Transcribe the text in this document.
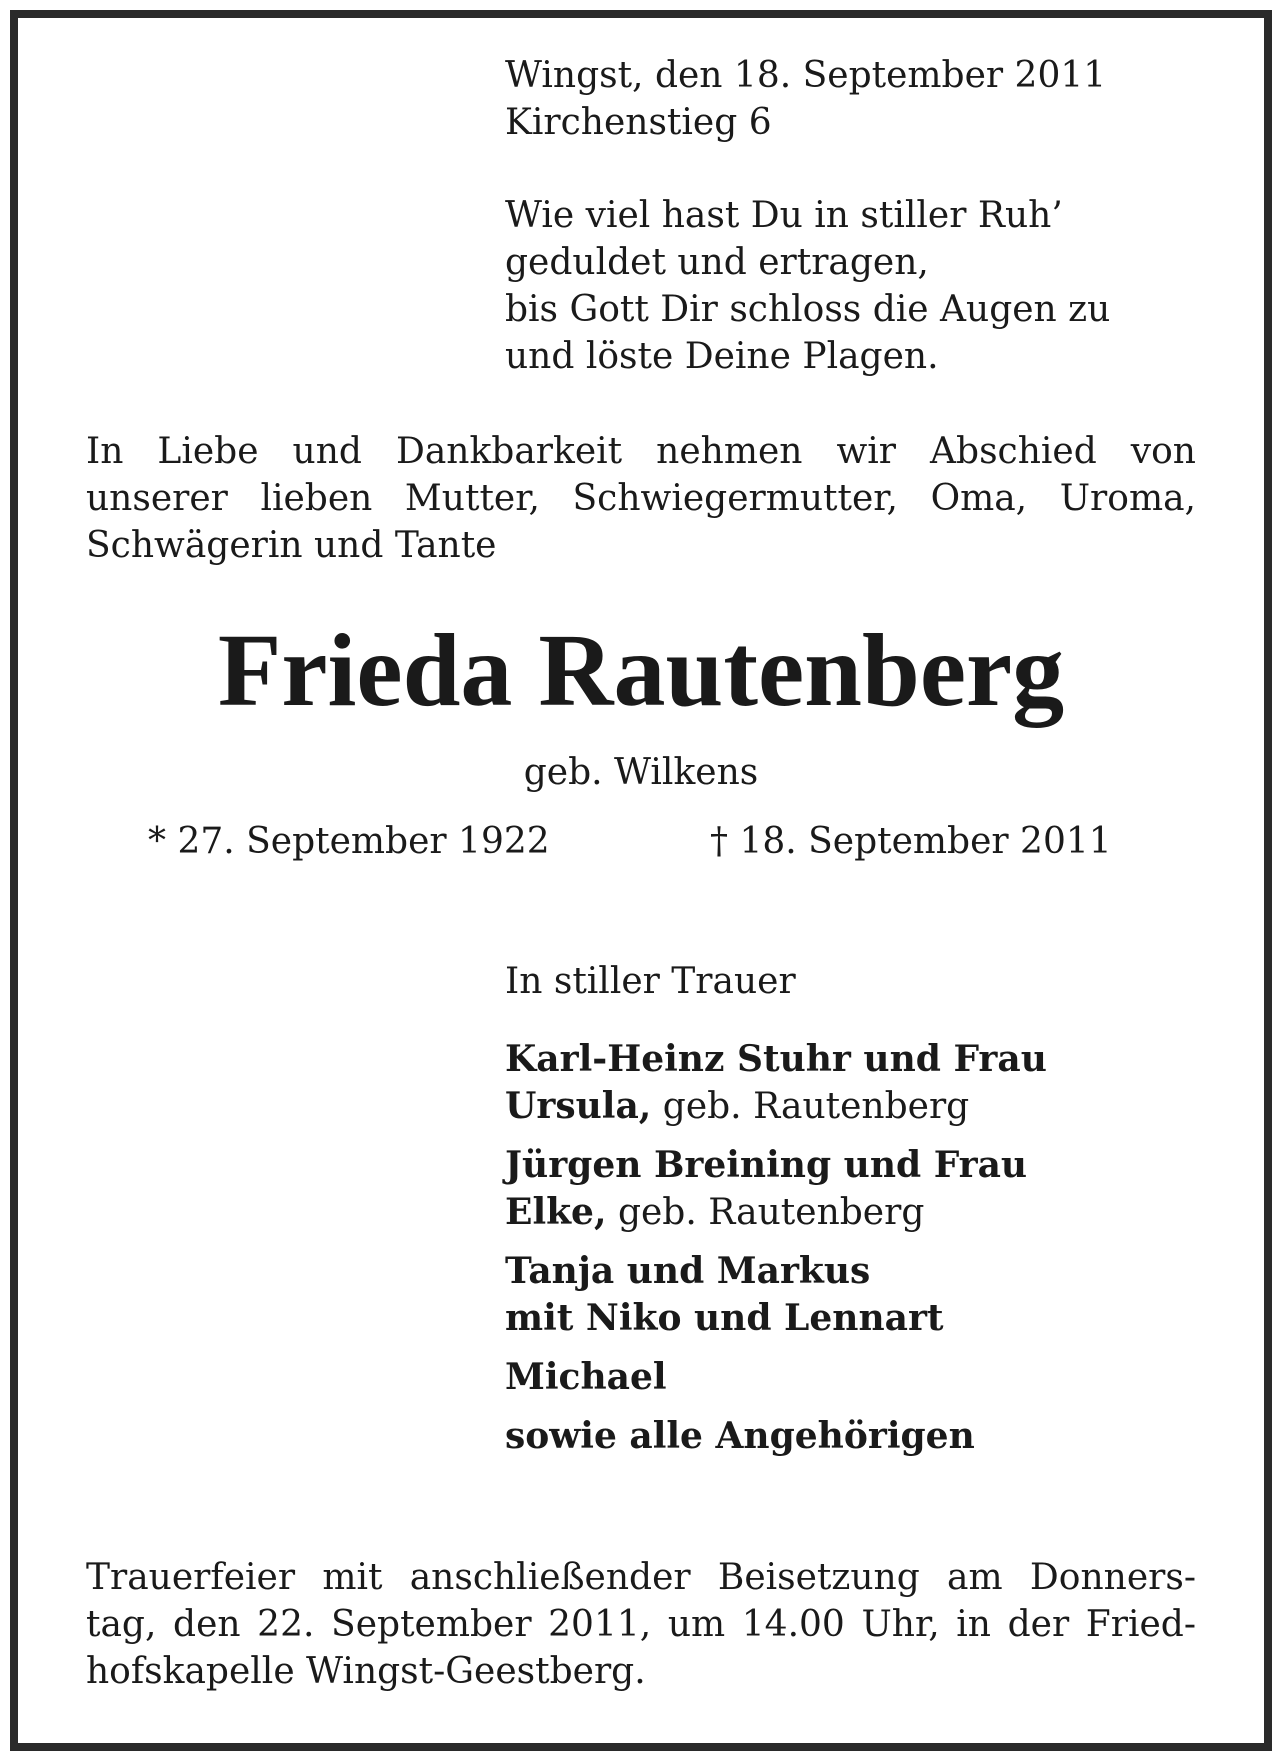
Wingst, den 18. September 2011
Kirchenstieg 6
Wie viel hast Du in stiller Ruh’
geduldet und ertragen,
bis Gott Dir schloss die Augen zu
und löste Deine Plagen.
In Liebe und Dankbarkeit nehmen wir Abschied von
unserer lieben Mutter, Schwiegermutter, Oma, Uroma,
Schwägerin und Tante
Frieda Rautenberg
geb. Wilkens
* 27. September 1922	† 18. September 2011
In stiller Trauer
Karl-Heinz Stuhr und Frau
Ursula, geb. Rautenberg
Jürgen Breining und Frau
Elke, geb. Rautenberg
Tanja und Markus
mit Niko und Lennart
Michael
sowie alle Angehörigen
Trauerfeier mit anschließender Beisetzung am Donners-
tag, den 22. September 2011, um 14.00 Uhr, in der Fried-
hofskapelle Wingst-Geestberg.
